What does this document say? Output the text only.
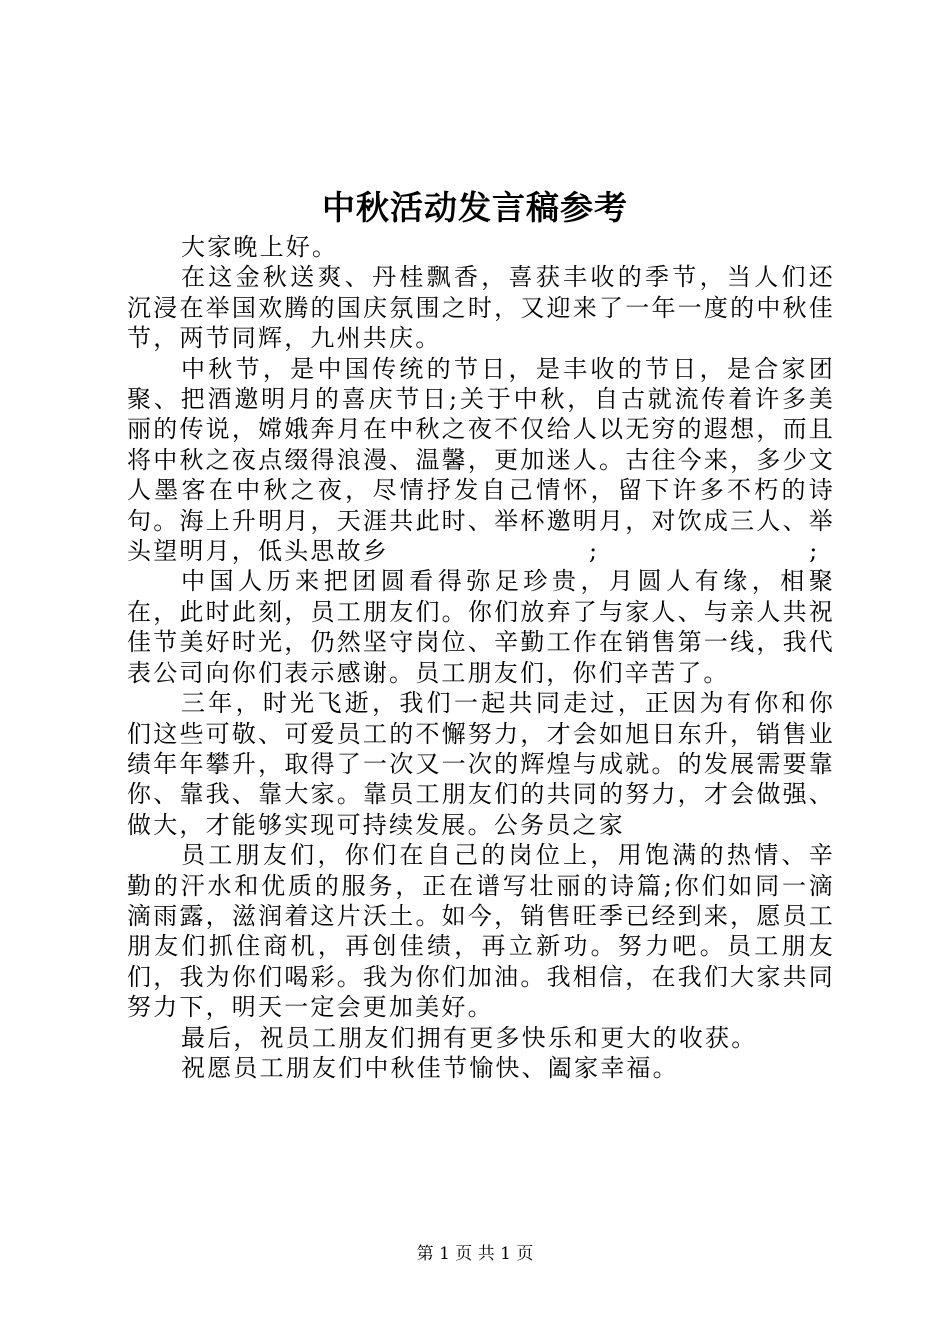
中秋活动发言稿参考

大家晚上好。

在这金秋送爽、丹桂飘香，喜获丰收的季节，当人们还沉浸在举国欢腾的国庆氛围之时，又迎来了一年一度的中秋佳节，两节同辉，九州共庆。

中秋节，是中国传统的节日，是丰收的节日，是合家团聚、把酒邀明月的喜庆节日;关于中秋，自古就流传着许多美丽的传说，嫦娥奔月在中秋之夜不仅给人以无穷的遐想，而且将中秋之夜点缀得浪漫、温馨，更加迷人。古往今来，多少文人墨客在中秋之夜，尽情抒发自己情怀，留下许多不朽的诗句。海上升明月，天涯共此时、举杯邀明月，对饮成三人、举头望明月，低头思故乡	;	;

中国人历来把团圆看得弥足珍贵，月圆人有缘，相聚在，此时此刻，员工朋友们。你们放弃了与家人、与亲人共祝佳节美好时光，仍然坚守岗位、辛勤工作在销售第一线，我代表公司向你们表示感谢。员工朋友们，你们辛苦了。

三年，时光飞逝，我们一起共同走过，正因为有你和你们这些可敬、可爱员工的不懈努力，才会如旭日东升，销售业绩年年攀升，取得了一次又一次的辉煌与成就。的发展需要靠你、靠我、靠大家。靠员工朋友们的共同的努力，才会做强、做大，才能够实现可持续发展。公务员之家

员工朋友们，你们在自己的岗位上，用饱满的热情、辛勤的汗水和优质的服务，正在谱写壮丽的诗篇;你们如同一滴滴雨露，滋润着这片沃土。如今，销售旺季已经到来，愿员工朋友们抓住商机，再创佳绩，再立新功。努力吧。员工朋友们，我为你们喝彩。我为你们加油。我相信，在我们大家共同努力下，明天一定会更加美好。

最后，祝员工朋友们拥有更多快乐和更大的收获。

祝愿员工朋友们中秋佳节愉快、阖家幸福。

第 1 页 共 1 页
